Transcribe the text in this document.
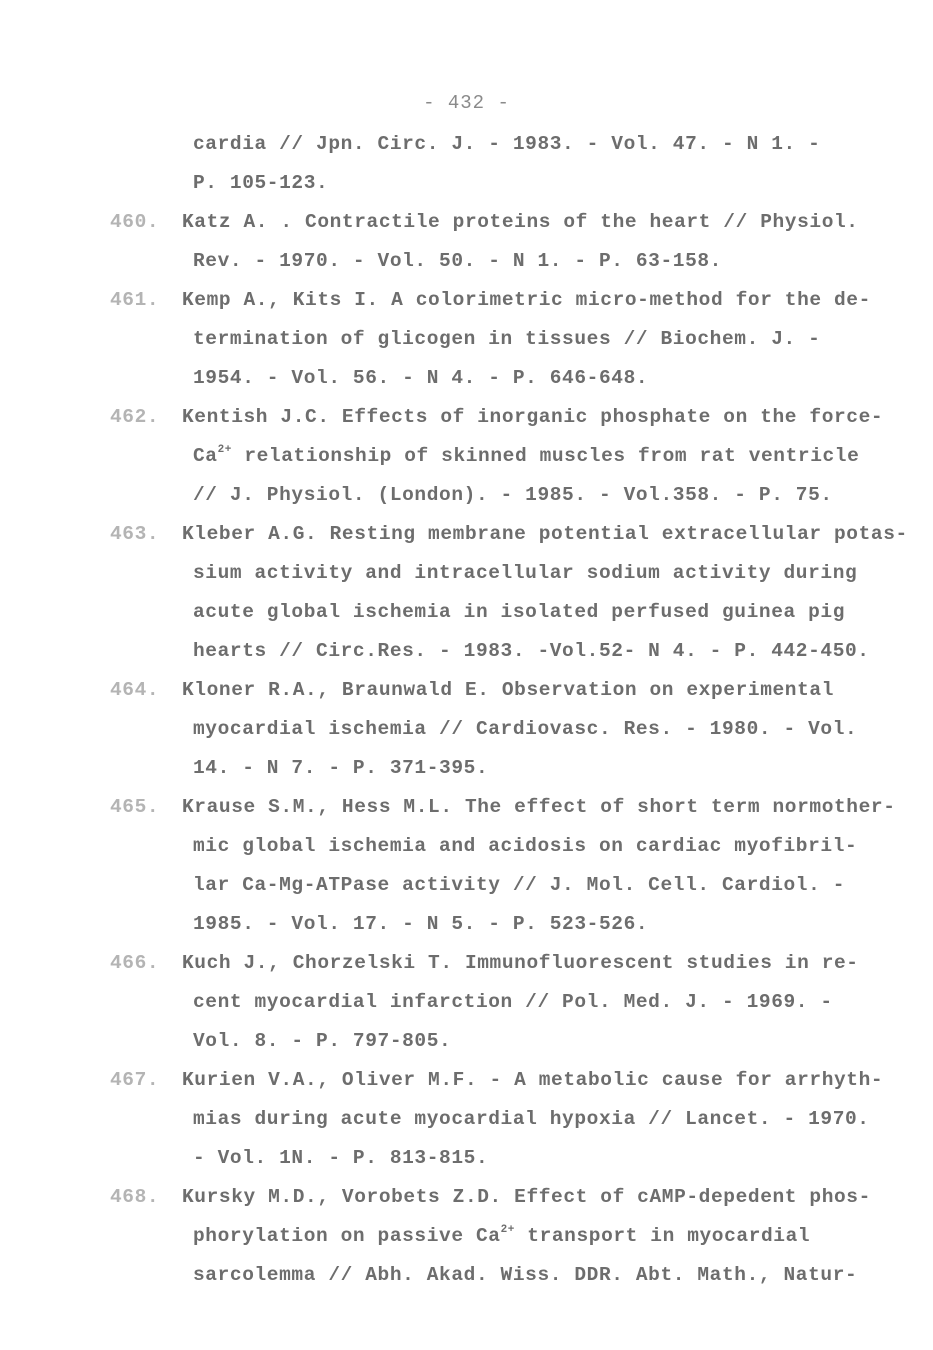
- 432 -
cardia // Jpn. Circ. J. - 1983. - Vol. 47. - N 1. -
P. 105-123.
460. Katz A. . Contractile proteins of the heart // Physiol.
Rev. - 1970. - Vol. 50. - N 1. - P. 63-158.
461. Kemp A., Kits I. A colorimetric micro-method for the de-
termination of glicogen in tissues // Biochem. J. -
1954. - Vol. 56. - N 4. - P. 646-648.
462. Kentish J.C. Effects of inorganic phosphate on the force-
$Ca^{2+}$ relationship of skinned muscles from rat ventricle
// J. Physiol. (London). - 1985. - Vol.358. - P. 75.
463. Kleber A.G. Resting membrane potential extracellular potas-
sium activity and intracellular sodium activity during
acute global ischemia in isolated perfused guinea pig
hearts // Circ.Res. - 1983. -Vol.52- N 4. - P. 442-450.
464. Kloner R.A., Braunwald E. Observation on experimental
myocardial ischemia // Cardiovasc. Res. - 1980. - Vol.
14. - N 7. - P. 371-395.
465. Krause S.M., Hess M.L. The effect of short term normother-
mic global ischemia and acidosis on cardiac myofibril-
lar Ca-Mg-ATPase activity // J. Mol. Cell. Cardiol. -
1985. - Vol. 17. - N 5. - P. 523-526.
466. Kuch J., Chorzelski T. Immunofluorescent studies in re-
cent myocardial infarction // Pol. Med. J. - 1969. -
Vol. 8. - P. 797-805.
467. Kurien V.A., Oliver M.F. - A metabolic cause for arrhyth-
mias during acute myocardial hypoxia // Lancet. - 1970.
- Vol. 1N. - P. 813-815.
468. Kursky M.D., Vorobets Z.D. Effect of cAMP-depedent phos-
phorylation on passive $Ca^{2+}$ transport in myocardial
sarcolemma // Abh. Akad. Wiss. DDR. Abt. Math., Natur-
